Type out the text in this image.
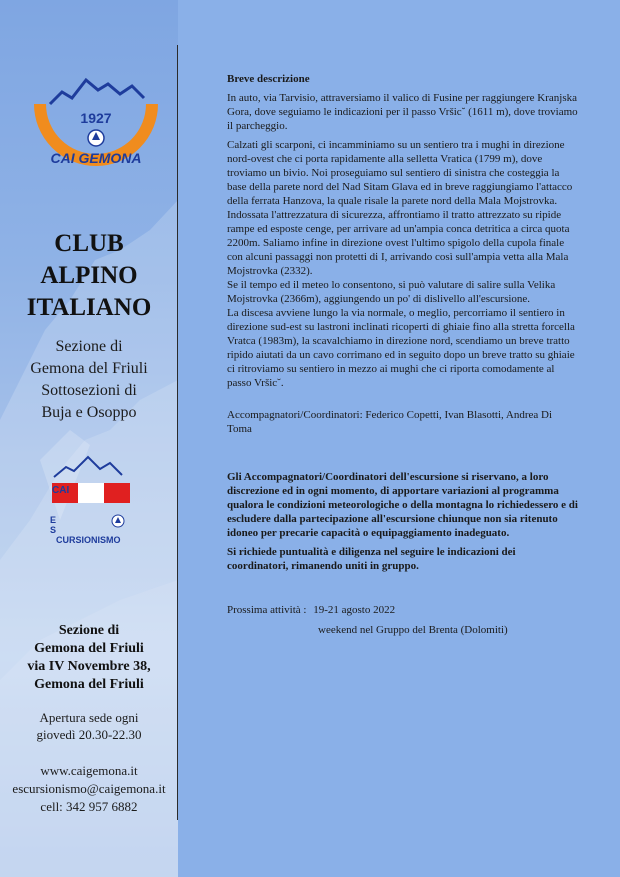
1927
CAI GEMONA
CLUB
ALPINO
ITALIANO
Sezione di
Gemona del Friuli
Sottosezioni di
Buja e Osoppo
CAI
ES
CURSIONISMO
Sezione di
Gemona del Friuli
via IV Novembre 38,
Gemona del Friuli
Apertura sede ogni
giovedì 20.30-22.30
www.caigemona.it
escursionismo@caigemona.it
cell: 342 957 6882
Breve descrizione

In auto, via Tarvisio, attraversiamo il valico di Fusine per raggiungere Kranjska Gora, dove seguiamo le indicazioni per il passo Vršic˘ (1611 m), dove troviamo il parcheggio.

Calzati gli scarponi, ci incamminiamo su un sentiero tra i mughi in direzione nord-ovest che ci porta rapidamente alla selletta Vratica (1799 m), dove troviamo un bivio. Noi proseguiamo sul sentiero di sinistra che costeggia la base della parete nord del Nad Sitam Glava ed in breve raggiungiamo l'attacco della ferrata Hanzova, la quale risale la parete nord della Mala Mojstrovka.
Indossata l'attrezzatura di sicurezza, affrontiamo il tratto attrezzato su ripide rampe ed esposte cenge, per arrivare ad un'ampia conca detritica a circa quota 2200m. Saliamo infine in direzione ovest l'ultimo spigolo della cupola finale con alcuni passaggi non protetti di I, arrivando così sull'ampia vetta alla Mala Mojstrovka (2332).
Se il tempo ed il meteo lo consentono, si può valutare di salire sulla Velika Mojstrovka (2366m), aggiungendo un po' di dislivello all'escursione.
La discesa avviene lungo la via normale, o meglio, percorriamo il sentiero in direzione sud-est su lastroni inclinati ricoperti di ghiaie fino alla stretta forcella Vratca (1983m), la scavalchiamo in direzione nord, scendiamo un breve tratto ripido aiutati da un cavo corrimano ed in seguito dopo un breve tratto su ghiaie ci ritroviamo su sentiero in mezzo ai mughi che ci riporta comodamente al passo Vršic˘.

Accompagnatori/Coordinatori: Federico Copetti, Ivan Blasotti, Andrea Di Toma

Gli Accompagnatori/Coordinatori dell'escursione si riservano, a loro discrezione ed in ogni momento, di apportare variazioni al programma qualora le condizioni meteorologiche o della montagna lo richiedessero e di escludere dalla partecipazione all'escursione chiunque non sia ritenuto idoneo per precarie capacità o equipaggiamento inadeguato.

Si richiede puntualità e diligenza nel seguire le indicazioni dei coordinatori, rimanendo uniti in gruppo.

Prossima attività : 19-21 agosto 2022
weekend nel Gruppo del Brenta (Dolomiti)
